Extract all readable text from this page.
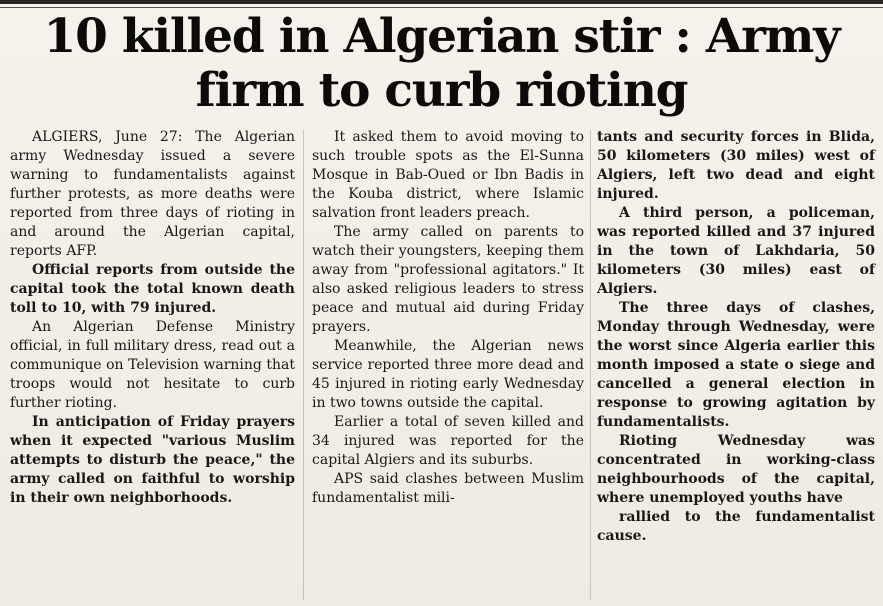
10 killed in Algerian stir : Army
firm to curb rioting

ALGIERS, June 27: The Algerian army Wednesday issued a severe warning to fundamentalists against further protests, as more deaths were reported from three days of rioting in and around the Algerian capital, reports AFP.

Official reports from outside the capital took the total known death toll to 10, with 79 injured.

An Algerian Defense Ministry official, in full military dress, read out a communique on Television warning that troops would not hesitate to curb further rioting.

In anticipation of Friday prayers when it expected "various Muslim attempts to disturb the peace," the army called on faithful to worship in their own neighborhoods.

It asked them to avoid moving to such trouble spots as the El-Sunna Mosque in Bab-Oued or Ibn Badis in the Kouba district, where Islamic salvation front leaders preach.

The army called on parents to watch their youngsters, keeping them away from "professional agitators." It also asked religious leaders to stress peace and mutual aid during Friday prayers.

Meanwhile, the Algerian news service reported three more dead and 45 injured in rioting early Wednesday in two towns outside the capital.

Earlier a total of seven killed and 34 injured was reported for the capital Algiers and its suburbs.

APS said clashes between Muslim fundamentalist mili-

tants and security forces in Blida, 50 kilometers (30 miles) west of Algiers, left two dead and eight injured.

A third person, a policeman, was reported killed and 37 injured in the town of Lakhdaria, 50 kilometers (30 miles) east of Algiers.

The three days of clashes, Monday through Wednesday, were the worst since Algeria earlier this month imposed a state o siege and cancelled a general election in response to growing agitation by fundamentalists.

Rioting Wednesday was concentrated in working-class neighbourhoods of the capital, where unemployed youths have

rallied to the fundamentalist cause.
